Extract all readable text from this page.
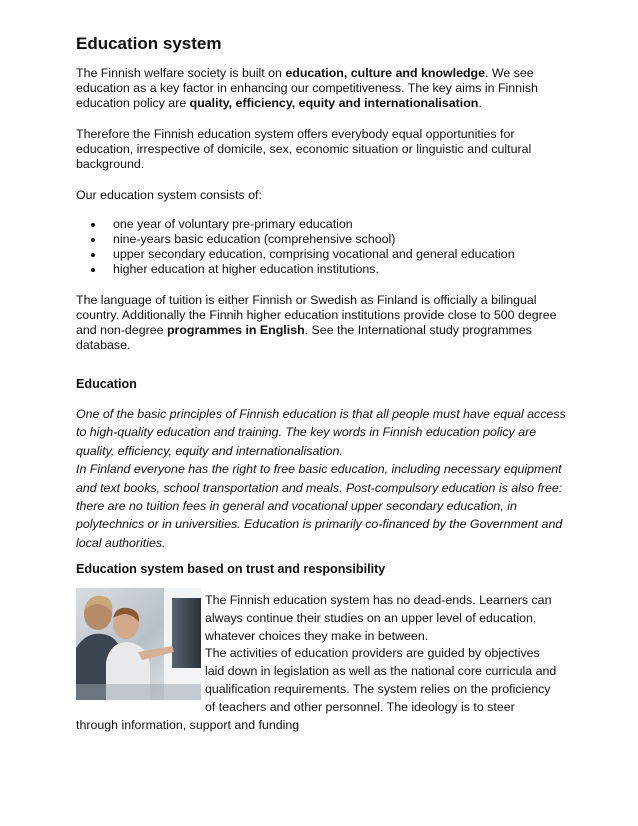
Education system

The Finnish welfare society is built on education, culture and knowledge. We see education as a key factor in enhancing our competitiveness. The key aims in Finnish education policy are quality, efficiency, equity and internationalisation.

Therefore the Finnish education system offers everybody equal opportunities for education, irrespective of domicile, sex, economic situation or linguistic and cultural background.

Our education system consists of:

one year of voluntary pre-primary education
nine-years basic education (comprehensive school)
upper secondary education, comprising vocational and general education
higher education at higher education institutions.

The language of tuition is either Finnish or Swedish as Finland is officially a bilingual country. Additionally the Finnih higher education institutions provide close to 500 degree and non-degree programmes in English. See the International study programmes database.

Education

One of the basic principles of Finnish education is that all people must have equal access to high-quality education and training. The key words in Finnish education policy are quality, efficiency, equity and internationalisation.

In Finland everyone has the right to free basic education, including necessary equipment and text books, school transportation and meals. Post-compulsory education is also free: there are no tuition fees in general and vocational upper secondary education, in polytechnics or in universities. Education is primarily co-financed by the Government and local authorities.

Education system based on trust and responsibility
The Finnish education system has no dead-ends. Learners can
always continue their studies on an upper level of education,
whatever choices they make in between.
The activities of education providers are guided by objectives
laid down in legislation as well as the national core curricula and
qualification requirements. The system relies on the proficiency
of teachers and other personnel. The ideology is to steer
through information, support and funding
